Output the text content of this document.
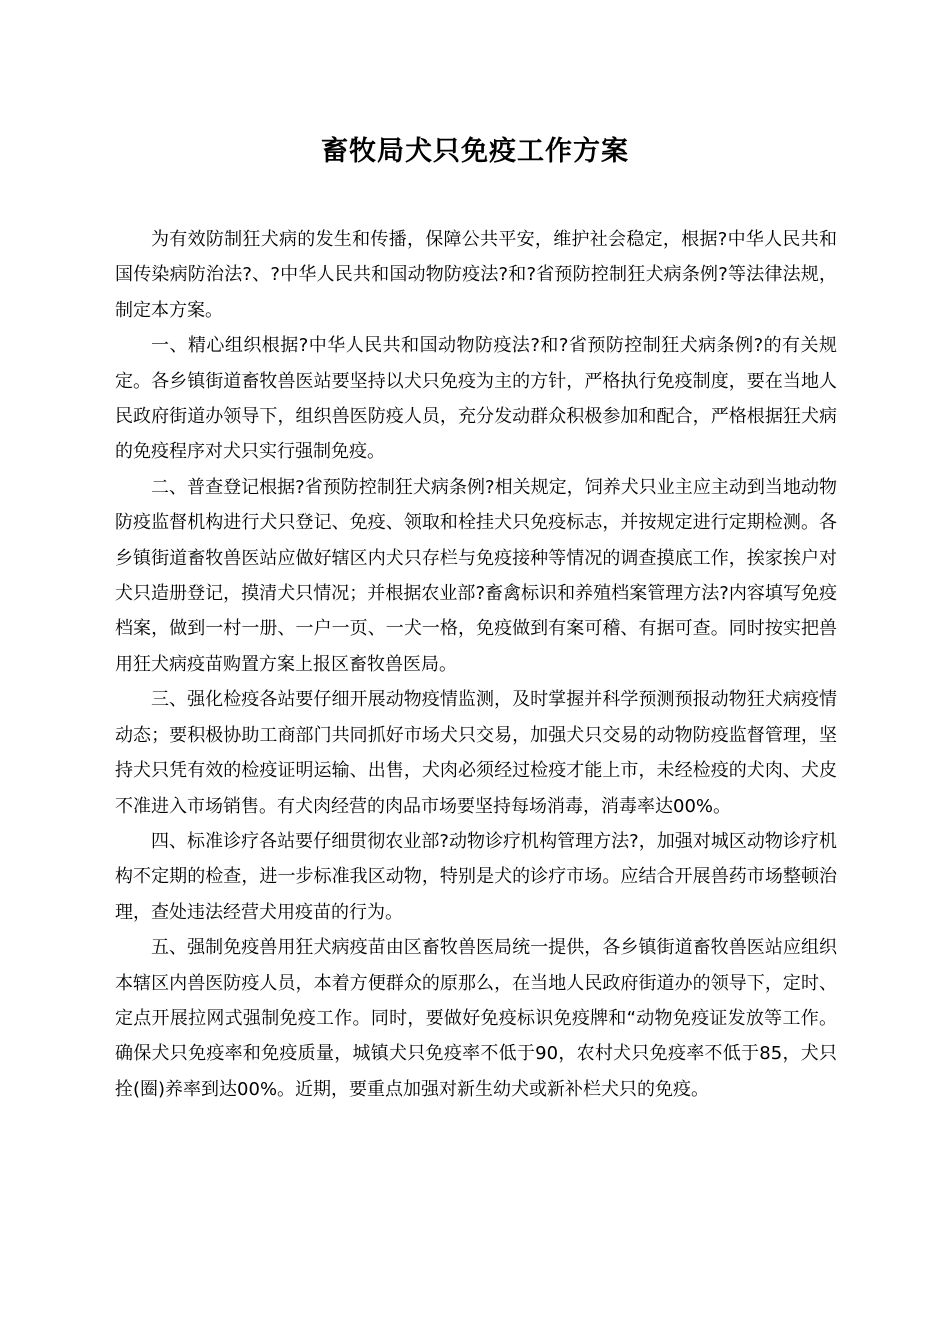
畜牧局犬只免疫工作方案

为有效防制狂犬病的发生和传播，保障公共平安，维护社会稳定，根据?中华人民共和国传染病防治法?、?中华人民共和国动物防疫法?和?省预防控制狂犬病条例?等法律法规，制定本方案。

一、精心组织根据?中华人民共和国动物防疫法?和?省预防控制狂犬病条例?的有关规定。各乡镇街道畜牧兽医站要坚持以犬只免疫为主的方针，严格执行免疫制度，要在当地人民政府街道办领导下，组织兽医防疫人员，充分发动群众积极参加和配合，严格根据狂犬病的免疫程序对犬只实行强制免疫。

二、普查登记根据?省预防控制狂犬病条例?相关规定，饲养犬只业主应主动到当地动物防疫监督机构进行犬只登记、免疫、领取和栓挂犬只免疫标志，并按规定进行定期检测。各乡镇街道畜牧兽医站应做好辖区内犬只存栏与免疫接种等情况的调查摸底工作，挨家挨户对犬只造册登记，摸清犬只情况；并根据农业部?畜禽标识和养殖档案管理方法?内容填写免疫档案，做到一村一册、一户一页、一犬一格，免疫做到有案可稽、有据可查。同时按实把兽用狂犬病疫苗购置方案上报区畜牧兽医局。

三、强化检疫各站要仔细开展动物疫情监测，及时掌握并科学预测预报动物狂犬病疫情动态；要积极协助工商部门共同抓好市场犬只交易，加强犬只交易的动物防疫监督管理，坚持犬只凭有效的检疫证明运输、出售，犬肉必须经过检疫才能上市，未经检疫的犬肉、犬皮不准进入市场销售。有犬肉经营的肉品市场要坚持每场消毒，消毒率达00%。

四、标准诊疗各站要仔细贯彻农业部?动物诊疗机构管理方法?，加强对城区动物诊疗机构不定期的检查，进一步标准我区动物，特别是犬的诊疗市场。应结合开展兽药市场整顿治理，查处违法经营犬用疫苗的行为。

五、强制免疫兽用狂犬病疫苗由区畜牧兽医局统一提供，各乡镇街道畜牧兽医站应组织本辖区内兽医防疫人员，本着方便群众的原那么，在当地人民政府街道办的领导下，定时、定点开展拉网式强制免疫工作。同时，要做好免疫标识免疫牌和“动物免疫证发放等工作。确保犬只免疫率和免疫质量，城镇犬只免疫率不低于90，农村犬只免疫率不低于85，犬只拴(圈)养率到达00%。近期，要重点加强对新生幼犬或新补栏犬只的免疫。
